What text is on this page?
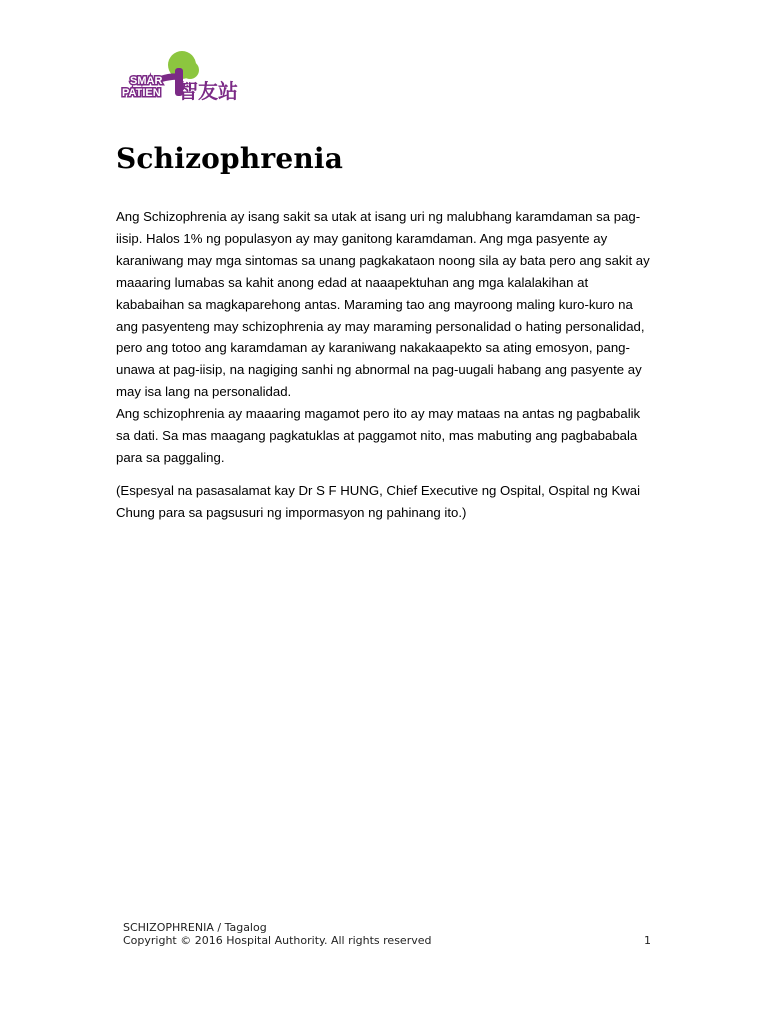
SMAR
PATIEN 智友站
Schizophrenia

Ang Schizophrenia ay isang sakit sa utak at isang uri ng malubhang karamdaman sa pag-iisip. Halos 1% ng populasyon ay may ganitong karamdaman. Ang mga pasyente ay karaniwang may mga sintomas sa unang pagkakataon noong sila ay bata pero ang sakit ay maaaring lumabas sa kahit anong edad at naaapektuhan ang mga kalalakihan at kababaihan sa magkaparehong antas. Maraming tao ang mayroong maling kuro-kuro na ang pasyenteng may schizophrenia ay may maraming personalidad o hating personalidad, pero ang totoo ang karamdaman ay karaniwang nakakaapekto sa ating emosyon, pang-unawa at pag-iisip, na nagiging sanhi ng abnormal na pag-uugali habang ang pasyente ay may isa lang na personalidad.

Ang schizophrenia ay maaaring magamot pero ito ay may mataas na antas ng pagbabalik sa dati. Sa mas maagang pagkatuklas at paggamot nito, mas mabuting ang pagbababala para sa paggaling.

(Espesyal na pasasalamat kay Dr S F HUNG, Chief Executive ng Ospital, Ospital ng Kwai Chung para sa pagsusuri ng impormasyon ng pahinang ito.)

SCHIZOPHRENIA / Tagalog
Copyright © 2016 Hospital Authority. All rights reserved	1
